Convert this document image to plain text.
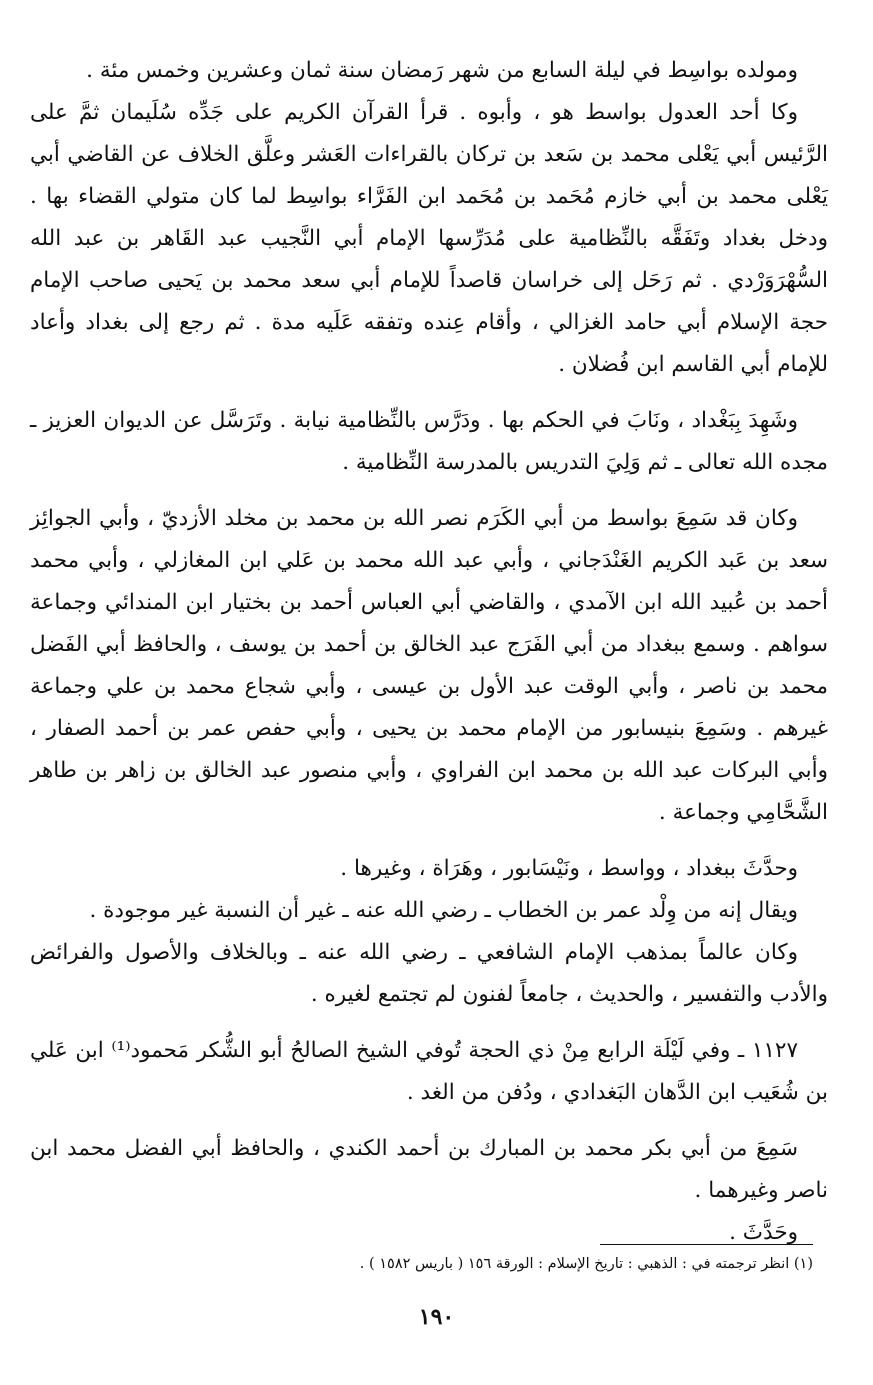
ومولده بواسِط في ليلة السابع من شهر رَمضان سنة ثمان وعشرين وخمس مئة .

وكا أحد العدول بواسط هو ، وأبوه . قرأ القرآن الكريم على جَدِّه سُلَيمان ثمَّ على الرَّئيس أبي يَعْلى محمد بن سَعد بن تركان بالقراءات العَشر وعلَّق الخلاف عن القاضي أبي يَعْلى محمد بن أبي خازم مُحَمد بن مُحَمد ابن الفَرَّاء بواسِط لما كان متولي القضاء بها . ودخل بغداد وتَفَقَّه بالنِّظامية على مُدَرِّسها الإمام أبي النَّجيب عبد القَاهر بن عبد الله السُّهْرَوَرْدي . ثم رَحَل إلى خراسان قاصداً للإمام أبي سعد محمد بن يَحيى صاحب الإمام حجة الإسلام أبي حامد الغزالي ، وأقام عِنده وتفقه عَلَيه مدة . ثم رجع إلى بغداد وأعاد للإمام أبي القاسم ابن فُضلان .

وشَهِدَ بِبَغْداد ، ونَابَ في الحكم بها . ودَرَّس بالنِّظامية نيابة . وتَرَسَّل عن الديوان العزيز ـ مجده الله تعالى ـ ثم وَلِيَ التدريس بالمدرسة النِّظامية .

وكان قد سَمِعَ بواسط من أبي الكَرَم نصر الله بن محمد بن مخلد الأزديّ ، وأبي الجوائِز سعد بن عَبد الكريم الغَنْدَجاني ، وأبي عبد الله محمد بن عَلي ابن المغازلي ، وأبي محمد أحمد بن عُبيد الله ابن الآمدي ، والقاضي أبي العباس أحمد بن بختيار ابن المندائي وجماعة سواهم . وسمع ببغداد من أبي الفَرَج عبد الخالق بن أحمد بن يوسف ، والحافظ أبي الفَضل محمد بن ناصر ، وأبي الوقت عبد الأول بن عيسى ، وأبي شجاع محمد بن علي وجماعة غيرهم . وسَمِعَ بنيسابور من الإمام محمد بن يحيى ، وأبي حفص عمر بن أحمد الصفار ، وأبي البركات عبد الله بن محمد ابن الفراوي ، وأبي منصور عبد الخالق بن زاهر بن طاهر الشَّحَّامِي وجماعة .

وحدَّثَ ببغداد ، وواسط ، ونَيْسَابور ، وهَرَاة ، وغيرها .

ويقال إنه من وِلْد عمر بن الخطاب ـ رضي الله عنه ـ غير أن النسبة غير موجودة .

وكان عالماً بمذهب الإمام الشافعي ـ رضي الله عنه ـ وبالخلاف والأصول والفرائض والأدب والتفسير ، والحديث ، جامعاً لفنون لم تجتمع لغيره .

١١٢٧ ـ وفي لَيْلَة الرابع مِنْ ذي الحجة تُوفي الشيخ الصالحُ أبو الشُّكر مَحمود⁽¹⁾ ابن عَلي بن شُعَيب ابن الدَّهان البَغدادي ، ودُفن من الغد .

سَمِعَ من أبي بكر محمد بن المبارك بن أحمد الكندي ، والحافظ أبي الفضل محمد ابن ناصر وغيرهما .

وحَدَّثَ .

(١) انظر ترجمته في : الذهبي : تاريخ الإسلام : الورقة ١٥٦ ( باريس ١٥٨٢ ) .

١٩٠
